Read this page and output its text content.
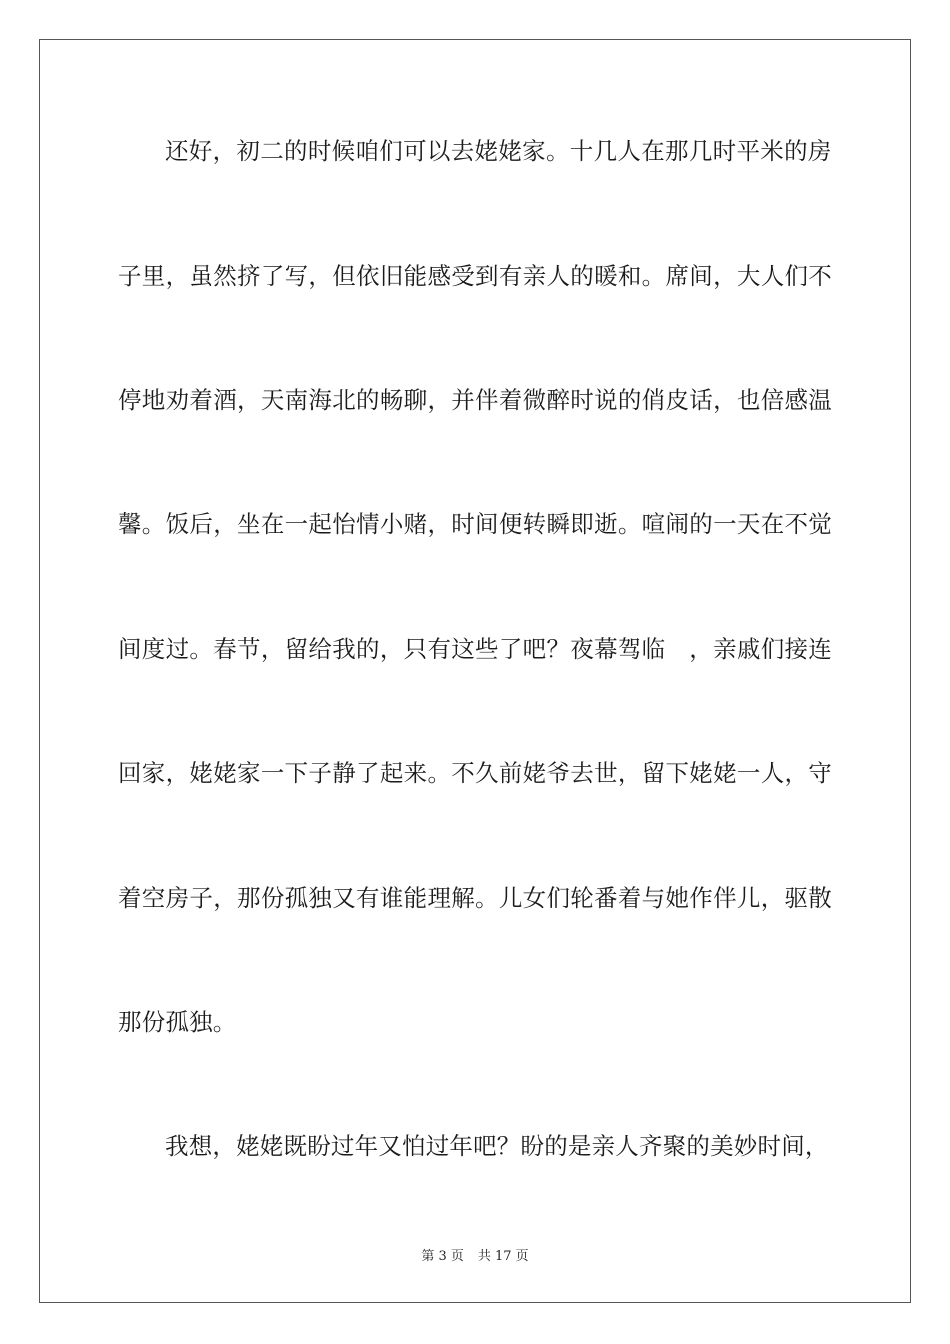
还好，初二的时候咱们可以去姥姥家。十几人在那几时平米的房
子里，虽然挤了写，但依旧能感受到有亲人的暖和。席间，大人们不
停地劝着酒，天南海北的畅聊，并伴着微醉时说的俏皮话，也倍感温
馨。饭后，坐在一起怡情小赌，时间便转瞬即逝。喧闹的一天在不觉
间度过。春节，留给我的，只有这些了吧？夜幕驾临　，亲戚们接连
回家，姥姥家一下子静了起来。不久前姥爷去世，留下姥姥一人，守
着空房子，那份孤独又有谁能理解。儿女们轮番着与她作伴儿，驱散
那份孤独。
我想，姥姥既盼过年又怕过年吧？盼的是亲人齐聚的美妙时间，
第 3 页 共 17 页
